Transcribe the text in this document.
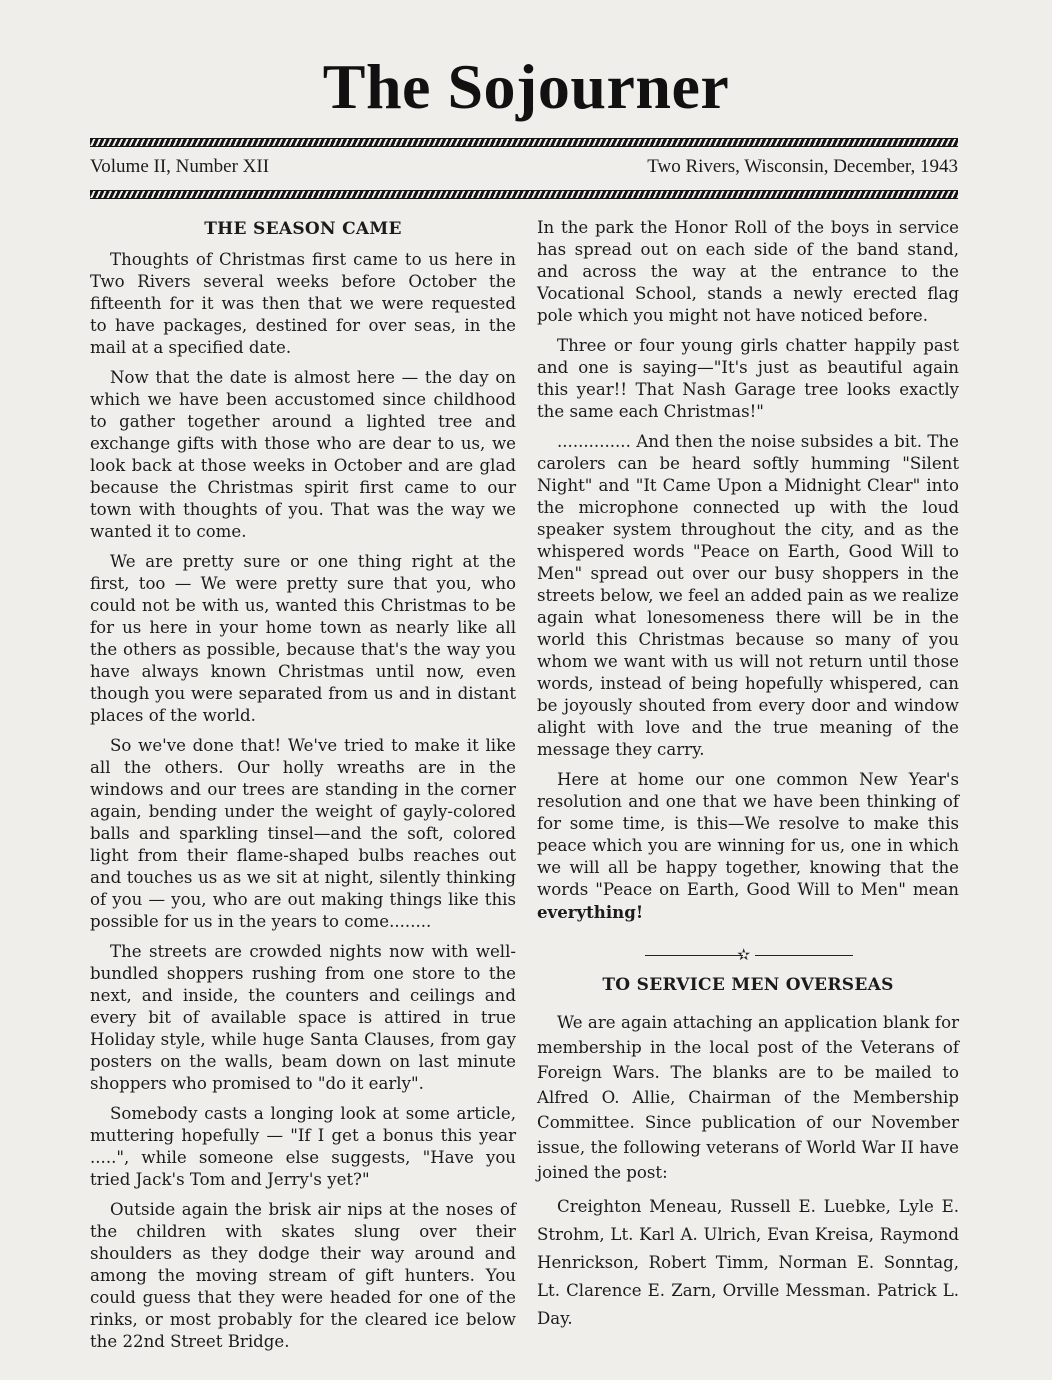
The Sojourner
Volume II, Number XII	Two Rivers, Wisconsin, December, 1943
THE SEASON CAME

Thoughts of Christmas first came to us here in Two Rivers several weeks before October the fifteenth for it was then that we were requested to have packages, destined for over seas, in the mail at a specified date.

Now that the date is almost here — the day on which we have been accustomed since childhood to gather together around a lighted tree and exchange gifts with those who are dear to us, we look back at those weeks in October and are glad because the Christmas spirit first came to our town with thoughts of you. That was the way we wanted it to come.

We are pretty sure or one thing right at the first, too — We were pretty sure that you, who could not be with us, wanted this Christmas to be for us here in your home town as nearly like all the others as possible, because that's the way you have always known Christmas until now, even though you were separated from us and in distant places of the world.

So we've done that! We've tried to make it like all the others. Our holly wreaths are in the windows and our trees are standing in the corner again, bending under the weight of gayly-colored balls and sparkling tinsel—and the soft, colored light from their flame-shaped bulbs reaches out and touches us as we sit at night, silently thinking of you — you, who are out making things like this possible for us in the years to come........

The streets are crowded nights now with well-bundled shoppers rushing from one store to the next, and inside, the counters and ceilings and every bit of available space is attired in true Holiday style, while huge Santa Clauses, from gay posters on the walls, beam down on last minute shoppers who promised to "do it early".

Somebody casts a longing look at some article, muttering hopefully — "If I get a bonus this year .....", while someone else suggests, "Have you tried Jack's Tom and Jerry's yet?"

Outside again the brisk air nips at the noses of the children with skates slung over their shoulders as they dodge their way around and among the moving stream of gift hunters. You could guess that they were headed for one of the rinks, or most probably for the cleared ice below the 22nd Street Bridge.

In the park the Honor Roll of the boys in service has spread out on each side of the band stand, and across the way at the entrance to the Vocational School, stands a newly erected flag pole which you might not have noticed before.

Three or four young girls chatter happily past and one is saying—"It's just as beautiful again this year!! That Nash Garage tree looks exactly the same each Christmas!"

.............. And then the noise subsides a bit. The carolers can be heard softly humming "Silent Night" and "It Came Upon a Midnight Clear" into the microphone connected up with the loud speaker system throughout the city, and as the whispered words "Peace on Earth, Good Will to Men" spread out over our busy shoppers in the streets below, we feel an added pain as we realize again what lonesomeness there will be in the world this Christmas because so many of you whom we want with us will not return until those words, instead of being hopefully whispered, can be joyously shouted from every door and window alight with love and the true meaning of the message they carry.

Here at home our one common New Year's resolution and one that we have been thinking of for some time, is this—We resolve to make this peace which you are winning for us, one in which we will all be happy together, knowing that the words "Peace on Earth, Good Will to Men" mean everything!

✫
TO SERVICE MEN OVERSEAS

We are again attaching an application blank for membership in the local post of the Veterans of Foreign Wars. The blanks are to be mailed to Alfred O. Allie, Chairman of the Membership Committee. Since publication of our November issue, the following veterans of World War II have joined the post:

Creighton Meneau, Russell E. Luebke, Lyle E. Strohm, Lt. Karl A. Ulrich, Evan Kreisa, Raymond Henrickson, Robert Timm, Norman E. Sonntag, Lt. Clarence E. Zarn, Orville Messman. Patrick L. Day.
